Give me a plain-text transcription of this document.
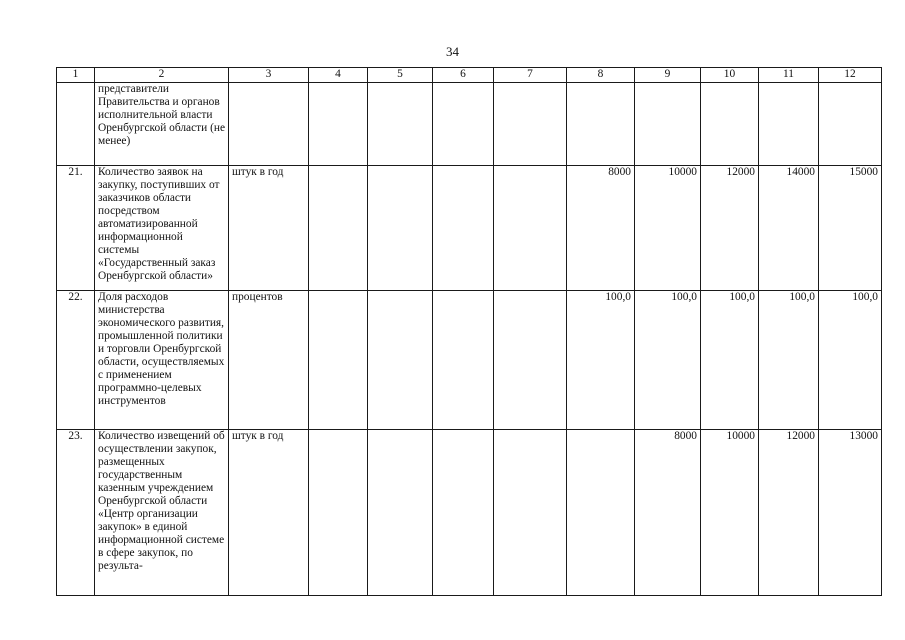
34
1	2	3	4	5	6	7	8	9	10	11	12
	представители Правительства и органов исполнительной власти Оренбургской области (не менее)										
21.	Количество заявок на закупку, поступивших от заказчиков области посредством автоматизированной информационной системы «Государственный заказ Оренбургской области»	штук в год					8000	10000	12000	14000	15000
22.	Доля расходов министерства экономического развития, промышленной политики и торговли Оренбургской области, осуществляемых с применением программно-целевых инструментов	процентов					100,0	100,0	100,0	100,0	100,0
23.	Количество извещений об осуществлении закупок, размещенных государственным казенным учреждением Оренбургской области «Центр организации закупок» в единой информационной системе в сфере закупок, по результа-	штук в год						8000	10000	12000	13000
